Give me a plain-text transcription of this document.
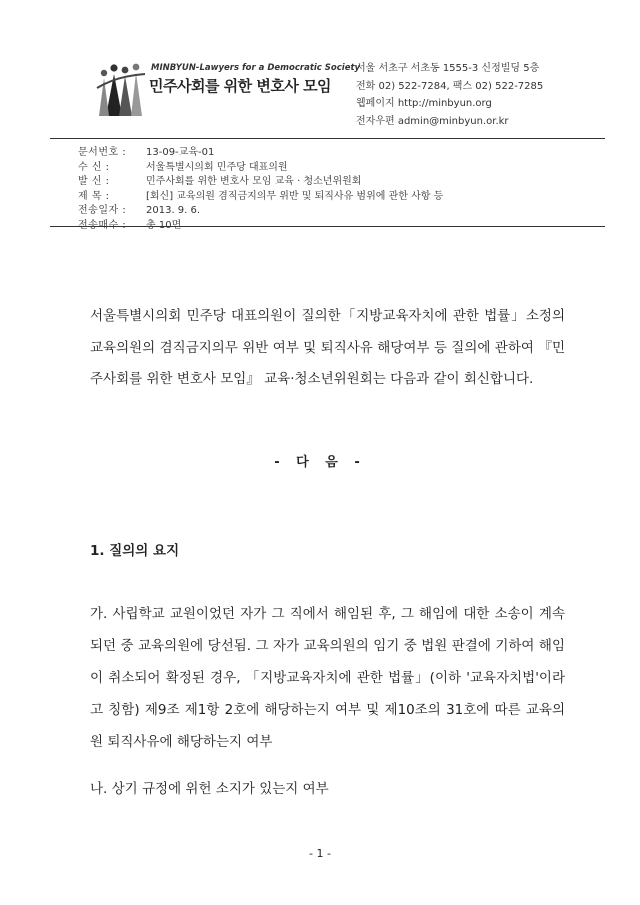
MINBYUN-Lawyers for a Democratic Society
민주사회를 위한 변호사 모임
서울 서초구 서초동 1555-3 신정빌딩 5층
전화 02) 522-7284, 팩스 02) 522-7285
웹페이지 http://minbyun.org
전자우편 admin@minbyun.or.kr
문서번호 :	13-09-교육-01
수 신 :	서울특별시의회 민주당 대표의원
발 신 :	민주사회를 위한 변호사 모임 교육 · 청소년위원회
제 목 :	[회신] 교육의원 겸직금지의무 위반 및 퇴직사유 범위에 관한 사항 등
전송일자 :	2013. 9. 6.
전송매수 :	총 10면
서울특별시의회 민주당 대표의원이 질의한「지방교육자치에 관한 법률」소정의 교육의원의 겸직금지의무 위반 여부 및 퇴직사유 해당여부 등 질의에 관하여 『민주사회를 위한 변호사 모임』 교육·청소년위원회는 다음과 같이 회신합니다.
- 다 음 -
1. 질의의 요지
가. 사립학교 교원이었던 자가 그 직에서 해임된 후, 그 해임에 대한 소송이 계속되던 중 교육의원에 당선됨. 그 자가 교육의원의 임기 중 법원 판결에 기하여 해임이 취소되어 확정된 경우, 「지방교육자치에 관한 법률」(이하 '교육자치법'이라고 칭함) 제9조 제1항 2호에 해당하는지 여부 및 제10조의 31호에 따른 교육의원 퇴직사유에 해당하는지 여부
나. 상기 규정에 위헌 소지가 있는지 여부
- 1 -
